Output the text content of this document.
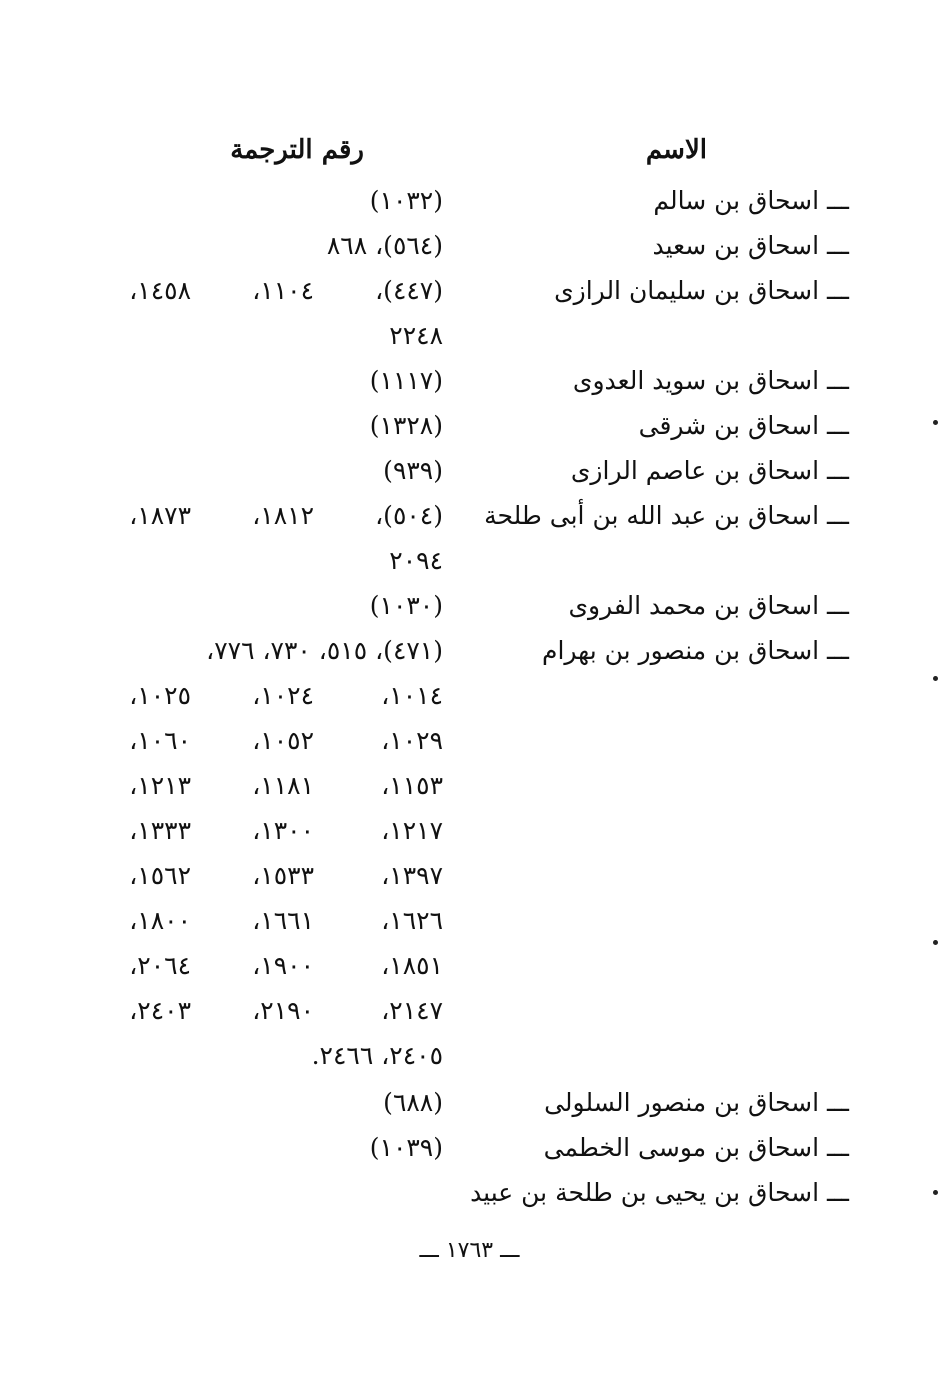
الاسم
رقم الترجمة
ـــ اسحاق بن سالم
(١٠٣٢)
ـــ اسحاق بن سعيد
(٥٦٤)، ٨٦٨
ـــ اسحاق بن سليمان الرازى
(٤٤٧)،
١١٠٤،
١٤٥٨،
٢٢٤٨
ـــ اسحاق بن سويد العدوى
(١١١٧)
ـــ اسحاق بن شرقى
(١٣٢٨)
ـــ اسحاق بن عاصم الرازى
(٩٣٩)
ـــ اسحاق بن عبد الله بن أبى طلحة
(٥٠٤)،
١٨١٢،
١٨٧٣،
٢٠٩٤
ـــ اسحاق بن محمد الفروى
(١٠٣٠)
ـــ اسحاق بن منصور بن بهرام
(٤٧١)، ٥١٥، ٧٣٠، ٧٧٦،
١٠١٤،
١٠٢٤،
١٠٢٥،
١٠٢٩،
١٠٥٢،
١٠٦٠،
١١٥٣،
١١٨١،
١٢١٣،
١٢١٧،
١٣٠٠،
١٣٣٣،
١٣٩٧،
١٥٣٣،
١٥٦٢،
١٦٢٦،
١٦٦١،
١٨٠٠،
١٨٥١،
١٩٠٠،
٢٠٦٤،
٢١٤٧،
٢١٩٠،
٢٤٠٣،
٢٤٠٥، ٢٤٦٦.
ـــ اسحاق بن منصور السلولى
(٦٨٨)
ـــ اسحاق بن موسى الخطمى
(١٠٣٩)
ـــ اسحاق بن يحيى بن طلحة بن عبيد
ـــ ١٧٦٣ ـــ
